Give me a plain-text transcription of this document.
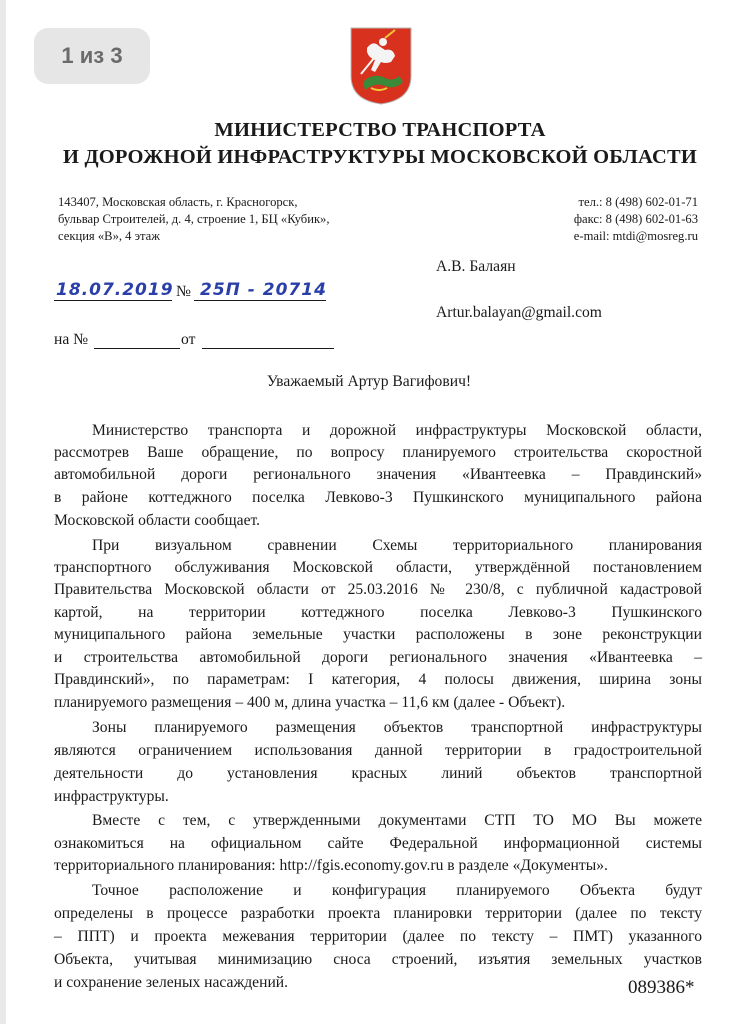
1 из 3
МИНИСТЕРСТВО ТРАНСПОРТА
И ДОРОЖНОЙ ИНФРАСТРУКТУРЫ МОСКОВСКОЙ ОБЛАСТИ
143407, Московская область, г. Красногорск,
бульвар Строителей, д. 4, строение 1, БЦ «Кубик»,
секция «В», 4 этаж
тел.: 8 (498) 602-01-71
факс: 8 (498) 602-01-63
e-mail: mtdi@mosreg.ru
18.07.2019 № 25П - 20714
на №	от
А.В. Балаян
Artur.balayan@gmail.com
Уважаемый Артур Вагифович!
Министерство транспорта и дорожной инфраструктуры Московской области,
рассмотрев Ваше обращение, по вопросу планируемого строительства скоростной
автомобильной дороги регионального значения «Ивантеевка – Правдинский»
в районе коттеджного поселка Левково-3 Пушкинского муниципального района
Московской области сообщает.
При визуальном сравнении Схемы территориального планирования
транспортного обслуживания Московской области, утверждённой постановлением
Правительства Московской области от 25.03.2016 № 230/8, с публичной кадастровой
картой, на территории коттеджного поселка Левково-3 Пушкинского
муниципального района земельные участки расположены в зоне реконструкции
и строительства автомобильной дороги регионального значения «Ивантеевка –
Правдинский», по параметрам: I категория, 4 полосы движения, ширина зоны
планируемого размещения – 400 м, длина участка – 11,6 км (далее - Объект).
Зоны планируемого размещения объектов транспортной инфраструктуры
являются ограничением использования данной территории в градостроительной
деятельности до установления красных линий объектов транспортной
инфраструктуры.
Вместе с тем, с утвержденными документами СТП ТО МО Вы можете
ознакомиться на официальном сайте Федеральной информационной системы
территориального планирования: http://fgis.economy.gov.ru в разделе «Документы».
Точное расположение и конфигурация планируемого Объекта будут
определены в процессе разработки проекта планировки территории (далее по тексту
– ППТ) и проекта межевания территории (далее по тексту – ПМТ) указанного
Объекта, учитывая минимизацию сноса строений, изъятия земельных участков
и сохранение зеленых насаждений.	089386*
